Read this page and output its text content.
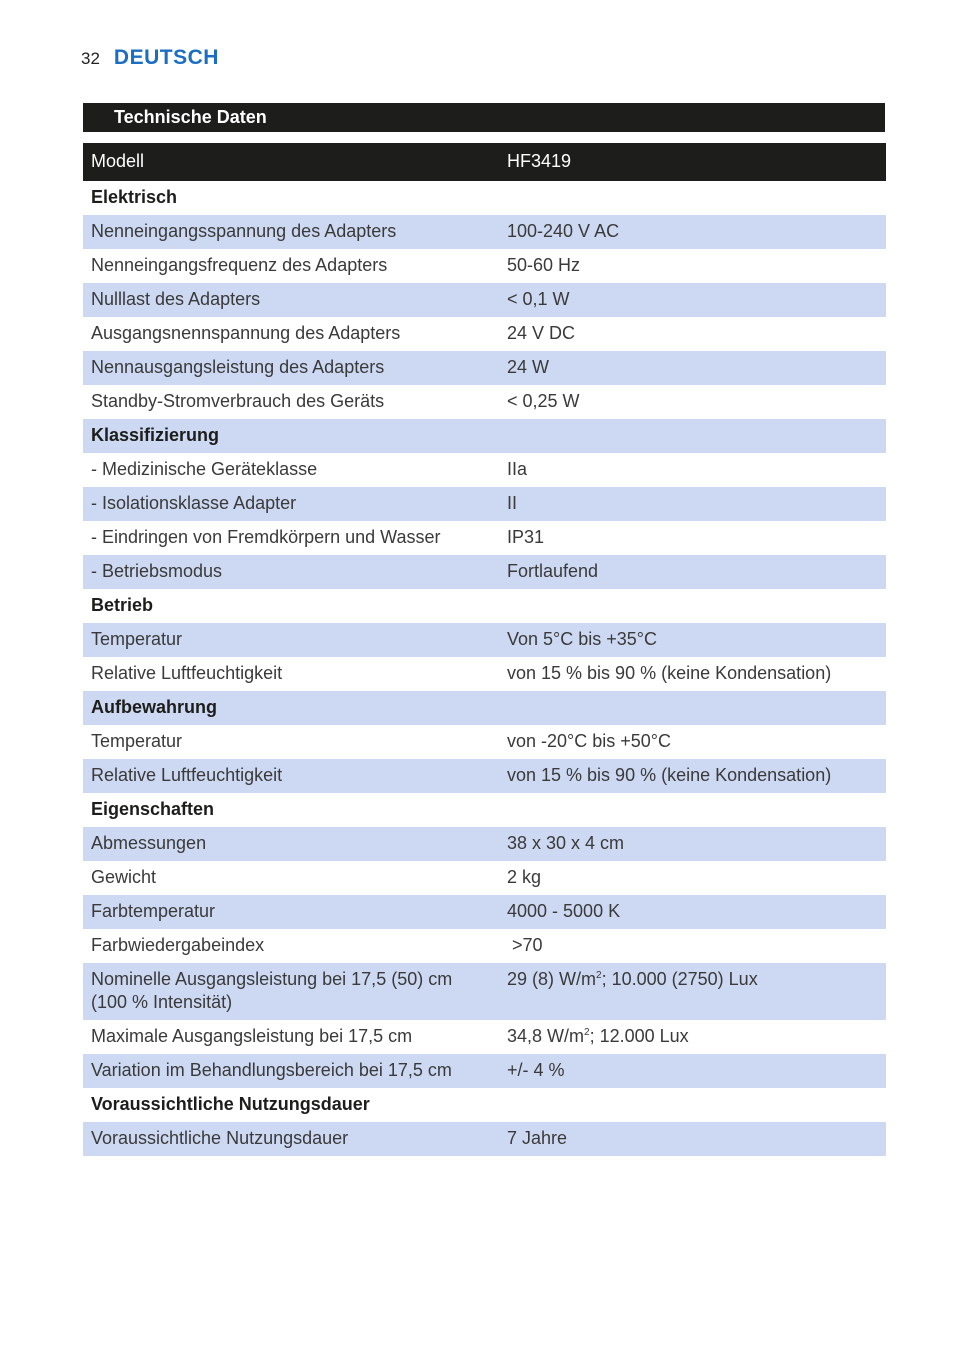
32 DEUTSCH
Technische Daten
Modell	HF3419
Elektrisch	
Nenneingangsspannung des Adapters	100-240 V AC
Nenneingangsfrequenz des Adapters	50-60 Hz
Nulllast des Adapters	< 0,1 W
Ausgangsnennspannung des Adapters	24 V DC
Nennausgangsleistung des Adapters	24 W
Standby-Stromverbrauch des Geräts	< 0,25 W
Klassifizierung	
- Medizinische Geräteklasse	IIa
- Isolationsklasse Adapter	II
- Eindringen von Fremdkörpern und Wasser	IP31
- Betriebsmodus	Fortlaufend
Betrieb	
Temperatur	Von 5°C bis +35°C
Relative Luftfeuchtigkeit	von 15 % bis 90 % (keine Kondensation)
Aufbewahrung	
Temperatur	von -20°C bis +50°C
Relative Luftfeuchtigkeit	von 15 % bis 90 % (keine Kondensation)
Eigenschaften	
Abmessungen	38 x 30 x 4 cm
Gewicht	2 kg
Farbtemperatur	4000 - 5000 K
Farbwiedergabeindex	>70
Nominelle Ausgangsleistung bei 17,5 (50) cm (100 % Intensität)	29 (8) $W/m^2$; 10.000 (2750) Lux
Maximale Ausgangsleistung bei 17,5 cm	34,8 $W/m^2$; 12.000 Lux
Variation im Behandlungsbereich bei 17,5 cm	+/- 4 %
Voraussichtliche Nutzungsdauer	
Voraussichtliche Nutzungsdauer	7 Jahre
